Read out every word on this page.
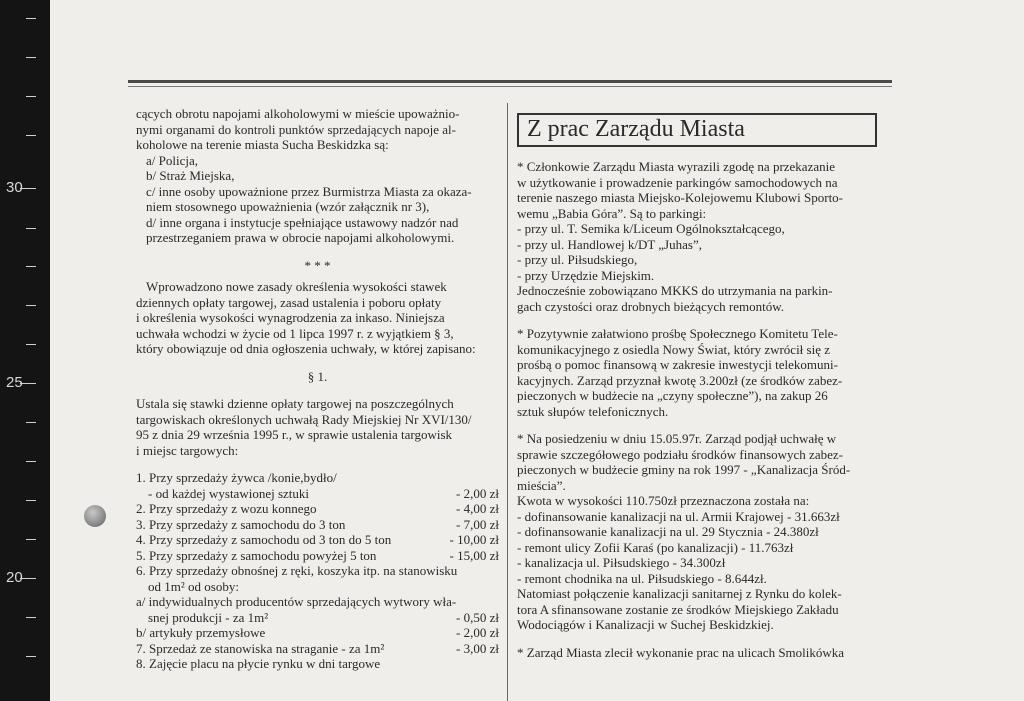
30
25
20

cących obrotu napojami alkoholowymi w mieście upoważnio-

nymi organami do kontroli punktów sprzedających napoje al-

koholowe na terenie miasta Sucha Beskidzka są:

a/ Policja,

b/ Straż Miejska,

c/ inne osoby upoważnione przez Burmistrza Miasta za okaza-

niem stosownego upoważnienia (wzór załącznik nr 3),

d/ inne organa i instytucje spełniające ustawowy nadzór nad

przestrzeganiem prawa w obrocie napojami alkoholowymi.

* * *

Wprowadzono nowe zasady określenia wysokości stawek

dziennych opłaty targowej, zasad ustalenia i poboru opłaty

i określenia wysokości wynagrodzenia za inkaso. Niniejsza

uchwała wchodzi w życie od 1 lipca 1997 r. z wyjątkiem § 3,

który obowiązuje od dnia ogłoszenia uchwały, w której zapisano:

§ 1.

Ustala się stawki dzienne opłaty targowej na poszczególnych

targowiskach określonych uchwałą Rady Miejskiej Nr XVI/130/

95 z dnia 29 września 1995 r., w sprawie ustalenia targowisk

i miejsc targowych:

1. Przy sprzedaży żywca /konie,bydło/
- od każdej wystawionej sztuki	- 2,00 zł
2. Przy sprzedaży z wozu konnego	- 4,00 zł
3. Przy sprzedaży z samochodu do 3 ton	- 7,00 zł
4. Przy sprzedaży z samochodu od 3 ton do 5 ton	- 10,00 zł
5. Przy sprzedaży z samochodu powyżej 5 ton	- 15,00 zł
6. Przy sprzedaży obnośnej z ręki, koszyka itp. na stanowisku
od 1m² od osoby:
a/ indywidualnych producentów sprzedających wytwory wła-
snej produkcji - za 1m²	- 0,50 zł
b/ artykuły przemysłowe	- 2,00 zł
7. Sprzedaż ze stanowiska na straganie - za 1m²	- 3,00 zł
8. Zajęcie placu na płycie rynku w dni targowe
Z prac Zarządu Miasta

* Członkowie Zarządu Miasta wyrazili zgodę na przekazanie

w użytkowanie i prowadzenie parkingów samochodowych na

terenie naszego miasta Miejsko-Kolejowemu Klubowi Sporto-

wemu „Babia Góra”. Są to parkingi:

- przy ul. T. Semika k/Liceum Ogólnokształcącego,

- przy ul. Handlowej k/DT „Juhas”,

- przy ul. Piłsudskiego,

- przy Urzędzie Miejskim.

Jednocześnie zobowiązano MKKS do utrzymania na parkin-

gach czystości oraz drobnych bieżących remontów.

* Pozytywnie załatwiono prośbę Społecznego Komitetu Tele-

komunikacyjnego z osiedla Nowy Świat, który zwrócił się z

prośbą o pomoc finansową w zakresie inwestycji telekomuni-

kacyjnych. Zarząd przyznał kwotę 3.200zł (ze środków zabez-

pieczonych w budżecie na „czyny społeczne”), na zakup 26

sztuk słupów telefonicznych.

* Na posiedzeniu w dniu 15.05.97r. Zarząd podjął uchwałę w

sprawie szczegółowego podziału środków finansowych zabez-

pieczonych w budżecie gminy na rok 1997 - „Kanalizacja Śród-

mieścia”.

Kwota w wysokości 110.750zł przeznaczona została na:

- dofinansowanie kanalizacji na ul. Armii Krajowej - 31.663zł

- dofinansowanie kanalizacji na ul. 29 Stycznia - 24.380zł

- remont ulicy Zofii Karaś (po kanalizacji) - 11.763zł

- kanalizacja ul. Piłsudskiego - 34.300zł

- remont chodnika na ul. Piłsudskiego - 8.644zł.

Natomiast połączenie kanalizacji sanitarnej z Rynku do kolek-

tora A sfinansowane zostanie ze środków Miejskiego Zakładu

Wodociągów i Kanalizacji w Suchej Beskidzkiej.

* Zarząd Miasta zlecił wykonanie prac na ulicach Smolikówka
